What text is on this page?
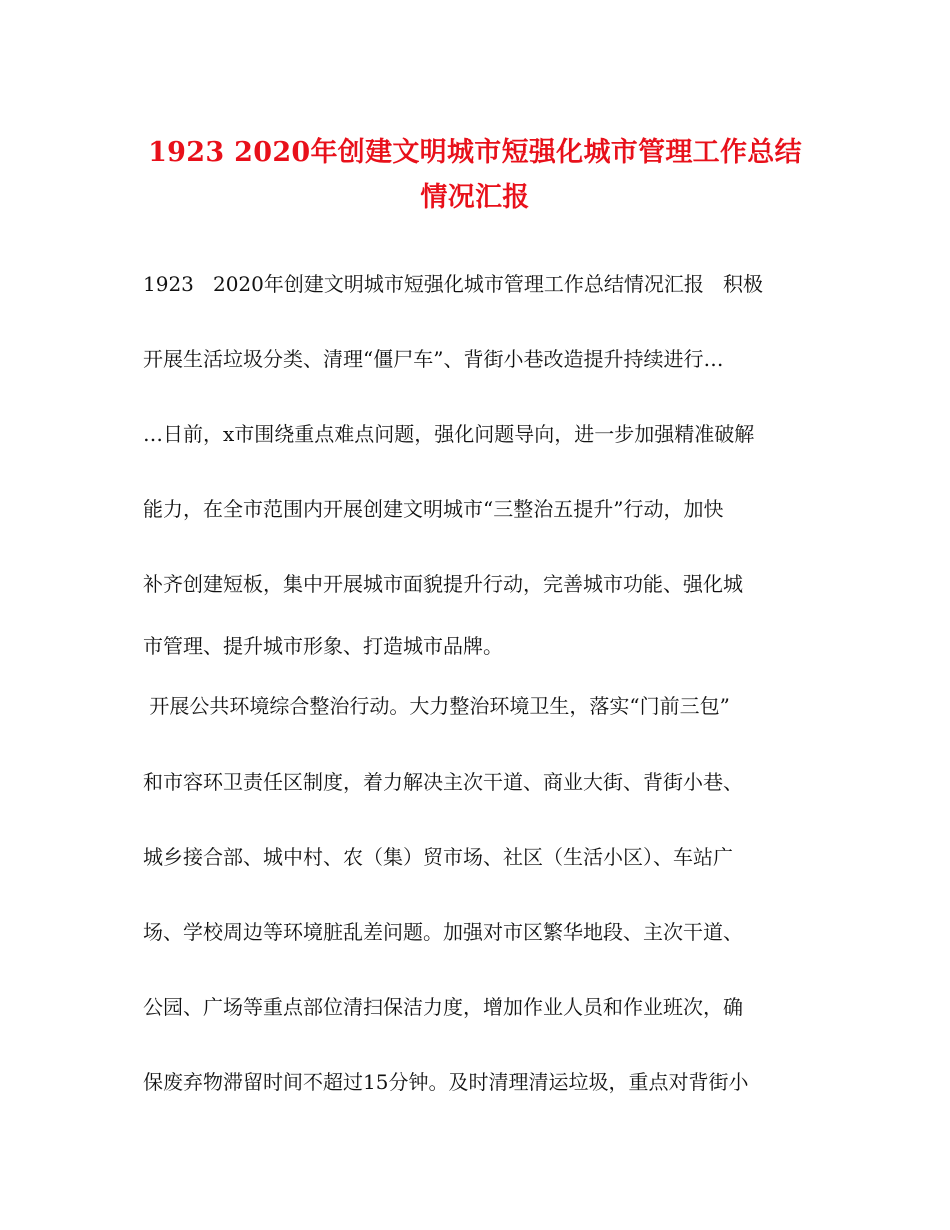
1923 2020年创建文明城市短强化城市管理工作总结
情况汇报
1923   2020年创建文明城市短强化城市管理工作总结情况汇报   积极
开展生活垃圾分类、清理“僵尸车”、背街小巷改造提升持续进行…
…日前，x市围绕重点难点问题，强化问题导向，进一步加强精准破解
能力，在全市范围内开展创建文明城市“三整治五提升”行动，加快
补齐创建短板，集中开展城市面貌提升行动，完善城市功能、强化城
市管理、提升城市形象、打造城市品牌。
开展公共环境综合整治行动。大力整治环境卫生，落实“门前三包”
和市容环卫责任区制度，着力解决主次干道、商业大街、背街小巷、
城乡接合部、城中村、农（集）贸市场、社区（生活小区）、车站广
场、学校周边等环境脏乱差问题。加强对市区繁华地段、主次干道、
公园、广场等重点部位清扫保洁力度，增加作业人员和作业班次，确
保废弃物滞留时间不超过15分钟。及时清理清运垃圾，重点对背街小
